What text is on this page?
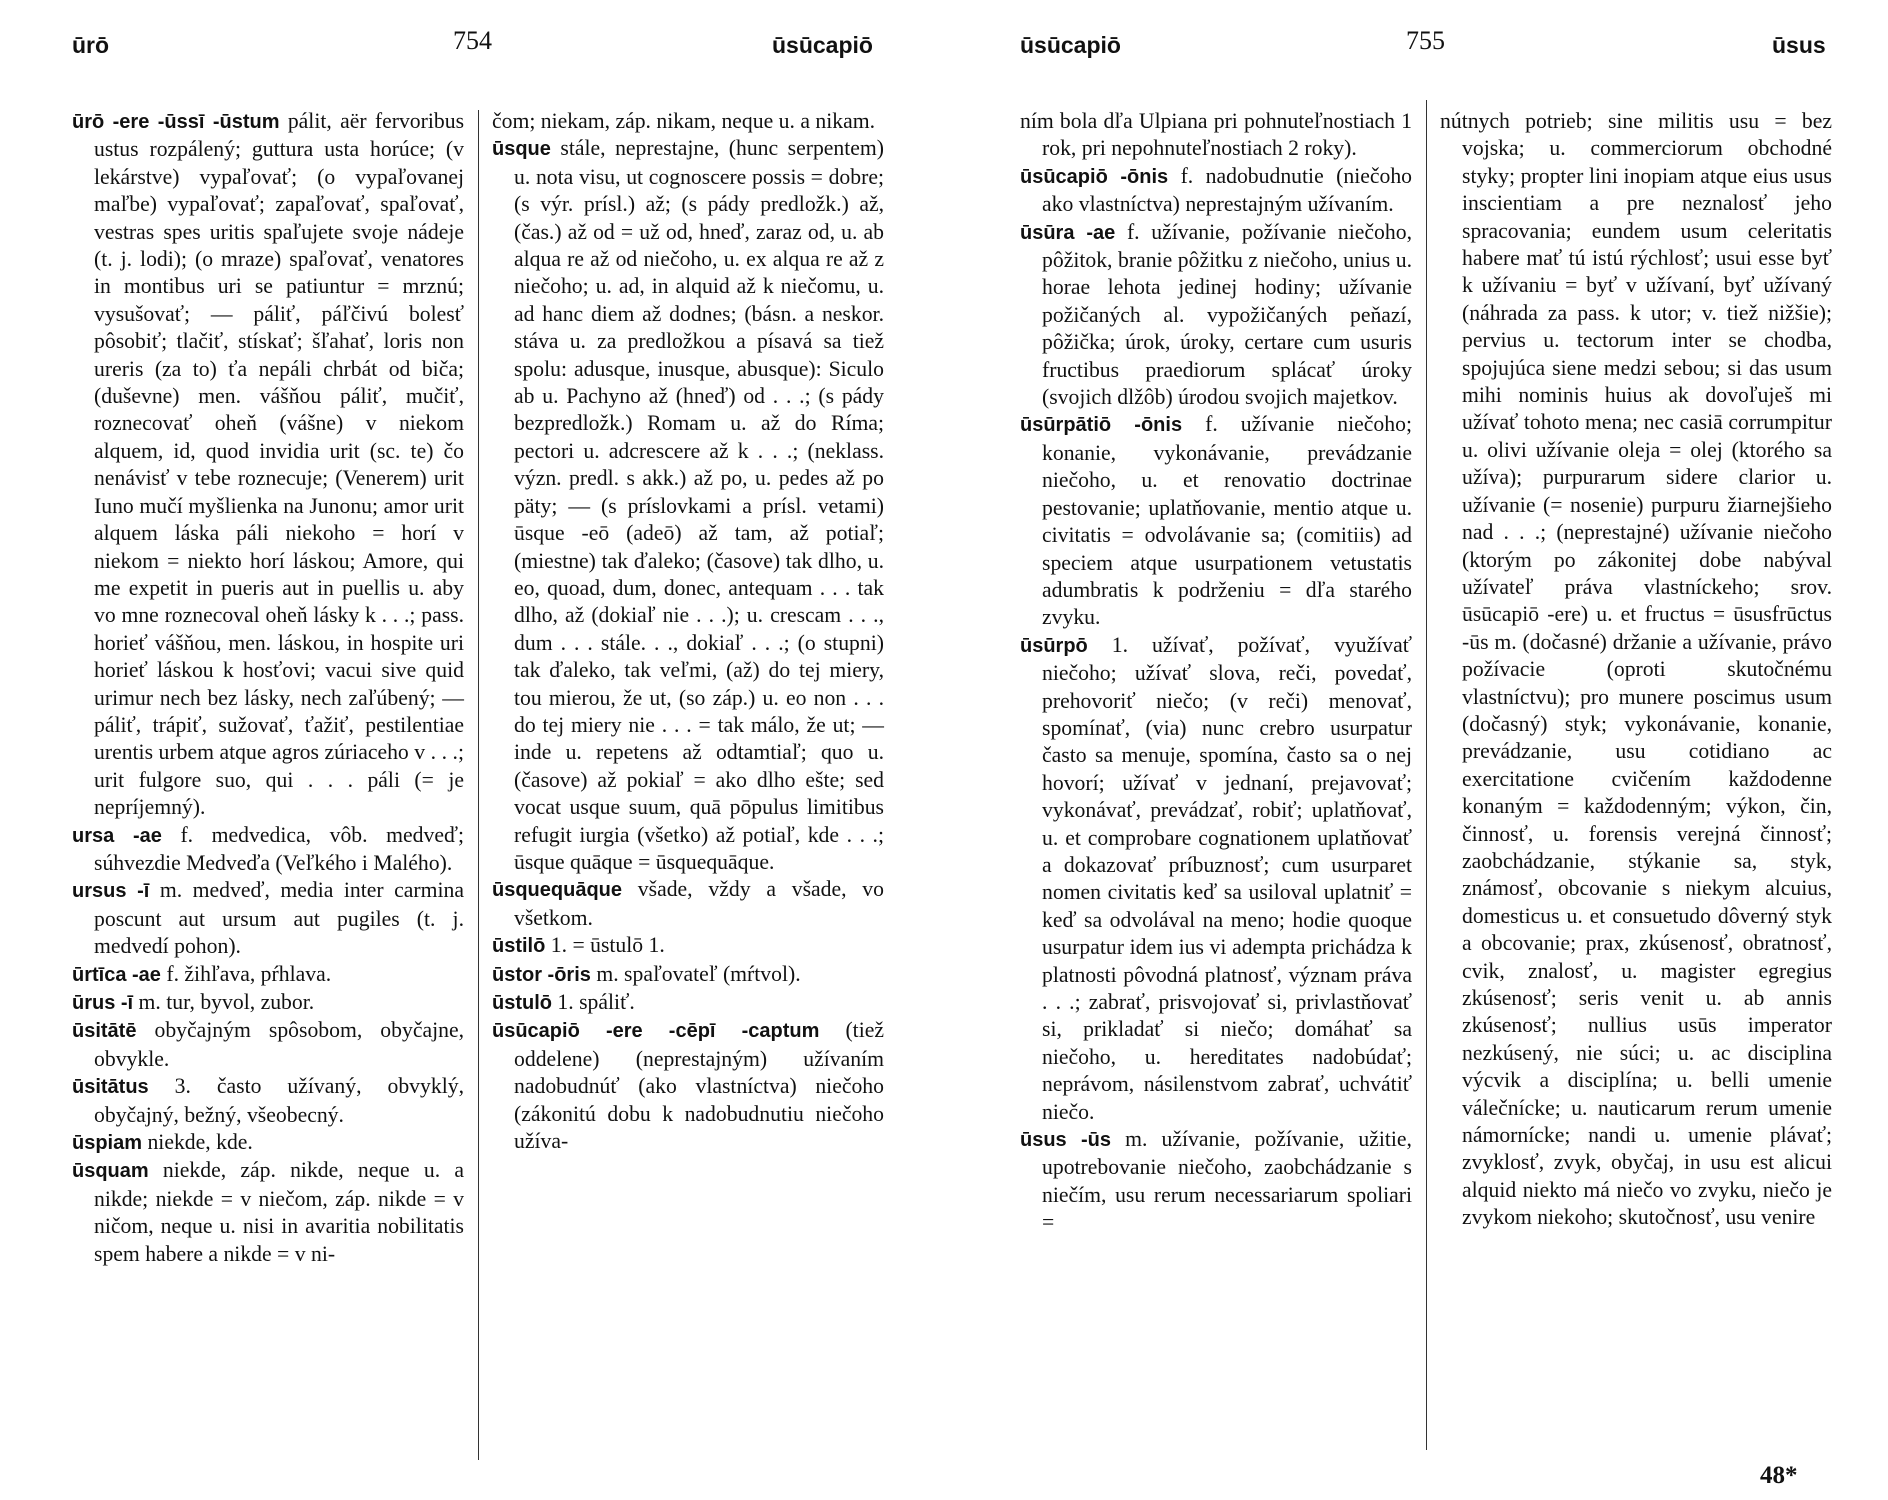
ūrō	754	ūsūcapiō

ūrō -ere -ūssī -ūstum pálit, aër fervoribus ustus rozpálený; guttura usta horúce; (v lekárstve) vypaľovať; (o vypaľovanej maľbe) vypaľovať; zapaľovať, spaľovať, vestras spes uritis spaľujete svoje nádeje (t. j. lodi); (o mraze) spaľovať, venatores in montibus uri se patiuntur = mrznú; vysušovať; — páliť, páľčivú bolesť pôsobiť; tlačiť, stískať; šľahať, loris non ureris (za to) ťa nepáli chrbát od biča; (duševne) men. vášňou páliť, mučiť, roznecovať oheň (vášne) v niekom alquem, id, quod invidia urit (sc. te) čo nenávisť v tebe roznecuje; (Venerem) urit Iuno mučí myšlienka na Junonu; amor urit alquem láska páli niekoho = horí v niekom = niekto horí láskou; Amore, qui me expetit in pueris aut in puellis u. aby vo mne roznecoval oheň lásky k . . .; pass. horieť vášňou, men. láskou, in hospite uri horieť láskou k hosťovi; vacui sive quid urimur nech bez lásky, nech zaľúbený; — páliť, trápiť, sužovať, ťažiť, pestilentiae urentis urbem atque agros zúriaceho v . . .; urit fulgore suo, qui . . . páli (= je nepríjemný).

ursa -ae f. medvedica, vôb. medveď; súhvezdie Medveďa (Veľkého i Malého).

ursus -ī m. medveď, media inter carmina poscunt aut ursum aut pugiles (t. j. medvedí pohon).

ūrtīca -ae f. žihľava, pŕhlava.

ūrus -ī m. tur, byvol, zubor.

ūsitātē obyčajným spôsobom, obyčajne, obvykle.

ūsitātus 3. často užívaný, obvyklý, obyčajný, bežný, všeobecný.

ūspiam niekde, kde.

ūsquam niekde, záp. nikde, neque u. a nikde; niekde = v niečom, záp. nikde = v ničom, neque u. nisi in avaritia nobilitatis spem habere a nikde = v ni-

čom; niekam, záp. nikam, neque u. a nikam.

ūsque stále, neprestajne, (hunc serpentem) u. nota visu, ut cognoscere possis = dobre; (s výr. prísl.) až; (s pády predložk.) až, (čas.) až od = už od, hneď, zaraz od, u. ab alqua re až od niečoho, u. ex alqua re až z niečoho; u. ad, in alquid až k niečomu, u. ad hanc diem až dodnes; (básn. a neskor. stáva u. za predložkou a písavá sa tiež spolu: adusque, inusque, abusque): Siculo ab u. Pachyno až (hneď) od . . .; (s pády bezpredložk.) Romam u. až do Ríma; pectori u. adcrescere až k . . .; (neklass. význ. predl. s akk.) až po, u. pedes až po päty; — (s príslovkami a prísl. vetami) ūsque -eō (adeō) až tam, až potiaľ; (miestne) tak ďaleko; (časove) tak dlho, u. eo, quoad, dum, donec, antequam . . . tak dlho, až (dokiaľ nie . . .); u. crescam . . ., dum . . . stále. . ., dokiaľ . . .; (o stupni) tak ďaleko, tak veľmi, (až) do tej miery, tou mierou, že ut, (so záp.) u. eo non . . . do tej miery nie . . . = tak málo, že ut; — inde u. repetens až odtamtiaľ; quo u. (časove) až pokiaľ = ako dlho ešte; sed vocat usque suum, quā pōpulus limitibus refugit iurgia (všetko) až potiaľ, kde . . .; ūsque quāque = ūsquequāque.

ūsquequāque všade, vždy a všade, vo všetkom.

ūstilō 1. = ūstulō 1.

ūstor -ōris m. spaľovateľ (mŕtvol).

ūstulō 1. spáliť.

ūsūcapiō -ere -cēpī -captum (tiež oddelene) (neprestajným) užívaním nadobudnúť (ako vlastníctva) niečoho (zákonitú dobu k nadobudnutiu niečoho užíva-

ūsūcapiō	755	ūsus

ním bola dľa Ulpiana pri pohnuteľnostiach 1 rok, pri nepohnuteľnostiach 2 roky).

ūsūcapiō -ōnis f. nadobudnutie (niečoho ako vlastníctva) neprestajným užívaním.

ūsūra -ae f. užívanie, požívanie niečoho, pôžitok, branie pôžitku z niečoho, unius u. horae lehota jedinej hodiny; užívanie požičaných al. vypožičaných peňazí, pôžička; úrok, úroky, certare cum usuris fructibus praediorum splácať úroky (svojich dlžôb) úrodou svojich majetkov.

ūsūrpātiō -ōnis f. užívanie niečoho; konanie, vykonávanie, prevádzanie niečoho, u. et renovatio doctrinae pestovanie; uplatňovanie, mentio atque u. civitatis = odvolávanie sa; (comitiis) ad speciem atque usurpationem vetustatis adumbratis k podrženiu = dľa starého zvyku.

ūsūrpō 1. užívať, požívať, využívať niečoho; užívať slova, reči, povedať, prehovoriť niečo; (v reči) menovať, spomínať, (via) nunc crebro usurpatur často sa menuje, spomína, často sa o nej hovorí; užívať v jednaní, prejavovať; vykonávať, prevádzať, robiť; uplatňovať, u. et comprobare cognationem uplatňovať a dokazovať príbuznosť; cum usurparet nomen civitatis keď sa usiloval uplatniť = keď sa odvolával na meno; hodie quoque usurpatur idem ius vi adempta prichádza k platnosti pôvodná platnosť, význam práva . . .; zabrať, prisvojovať si, privlastňovať si, prikladať si niečo; domáhať sa niečoho, u. hereditates nadobúdať; neprávom, násilenstvom zabrať, uchvátiť niečo.

ūsus -ūs m. užívanie, požívanie, užitie, upotrebovanie niečoho, zaobchádzanie s niečím, usu rerum necessariarum spoliari =

nútnych potrieb; sine militis usu = bez vojska; u. commerciorum obchodné styky; propter lini inopiam atque eius usus inscientiam a pre neznalosť jeho spracovania; eundem usum celeritatis habere mať tú istú rýchlosť; usui esse byť k užívaniu = byť v užívaní, byť užívaný (náhrada za pass. k utor; v. tiež nižšie); pervius u. tectorum inter se chodba, spojujúca siene medzi sebou; si das usum mihi nominis huius ak dovoľuješ mi užívať tohoto mena; nec casiā corrumpitur u. olivi užívanie oleja = olej (ktorého sa užíva); purpurarum sidere clarior u. užívanie (= nosenie) purpuru žiarnejšieho nad . . .; (neprestajné) užívanie niečoho (ktorým po zákonitej dobe nabýval užívateľ práva vlastníckeho; srov. ūsūcapiō -ere) u. et fructus = ūsusfrūctus -ūs m. (dočasné) držanie a užívanie, právo požívacie (oproti skutočnému vlastníctvu); pro munere poscimus usum (dočasný) styk; vykonávanie, konanie, prevádzanie, usu cotidiano ac exercitatione cvičením každodenne konaným = každodenným; výkon, čin, činnosť, u. forensis verejná činnosť; zaobchádzanie, stýkanie sa, styk, známosť, obcovanie s niekym alcuius, domesticus u. et consuetudo dôverný styk a obcovanie; prax, zkúsenosť, obratnosť, cvik, znalosť, u. magister egregius zkúsenosť; seris venit u. ab annis zkúsenosť; nullius usūs imperator nezkúsený, nie súci; u. ac disciplina výcvik a disciplína; u. belli umenie válečnícke; u. nauticarum rerum umenie námornícke; nandi u. umenie plávať; zvyklosť, zvyk, obyčaj, in usu est alicui alquid niekto má niečo vo zvyku, niečo je zvykom niekoho; skutočnosť, usu venire

48*
